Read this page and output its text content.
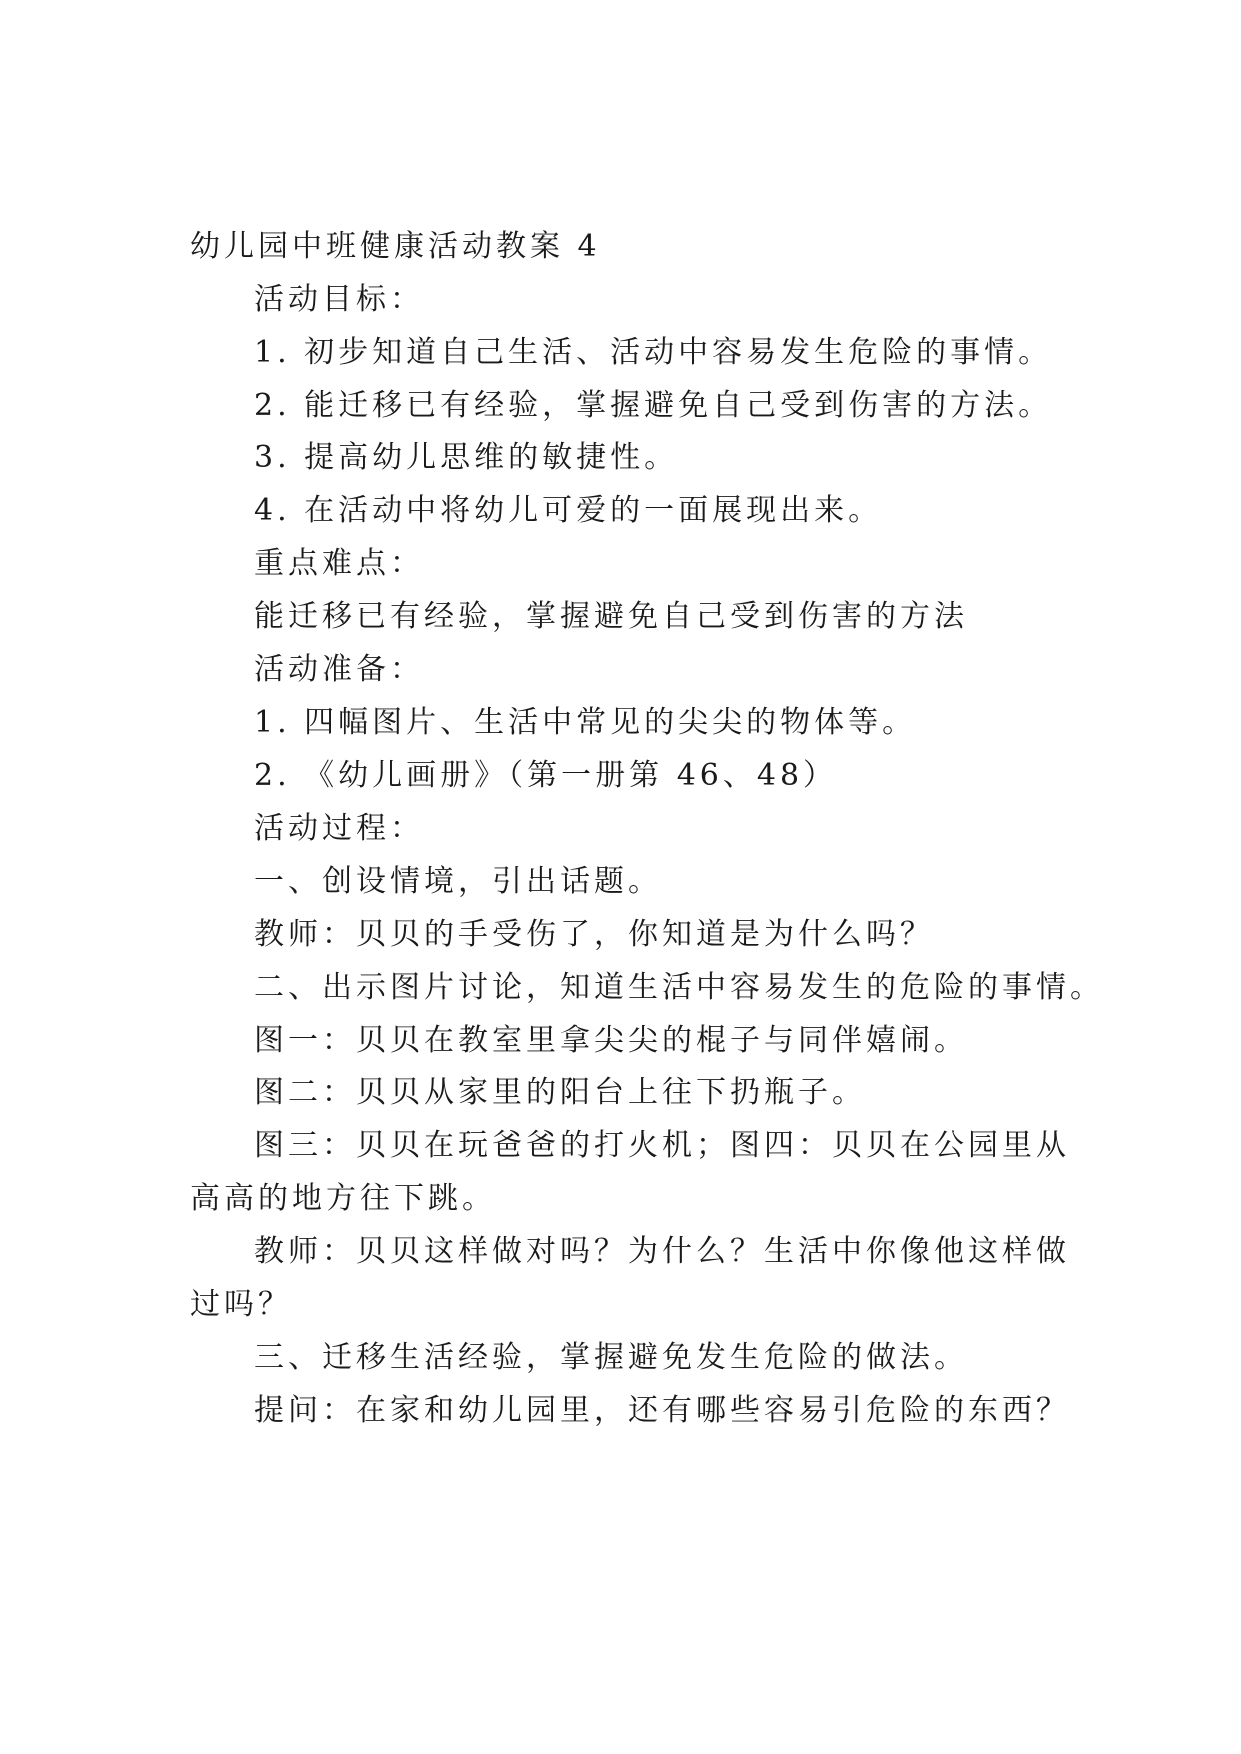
幼儿园中班健康活动教案 4
活动目标：
1. 初步知道自己生活、活动中容易发生危险的事情。
2. 能迁移已有经验，掌握避免自己受到伤害的方法。
3. 提高幼儿思维的敏捷性。
4. 在活动中将幼儿可爱的一面展现出来。
重点难点：
能迁移已有经验，掌握避免自己受到伤害的方法
活动准备：
1. 四幅图片、生活中常见的尖尖的物体等。
2. 《幼儿画册》（第一册第 46、48）
活动过程：
一、创设情境，引出话题。
教师：贝贝的手受伤了，你知道是为什么吗？
二、出示图片讨论，知道生活中容易发生的危险的事情。
图一：贝贝在教室里拿尖尖的棍子与同伴嬉闹。
图二：贝贝从家里的阳台上往下扔瓶子。
图三：贝贝在玩爸爸的打火机；图四：贝贝在公园里从
高高的地方往下跳。
教师：贝贝这样做对吗？为什么？生活中你像他这样做
过吗？
三、迁移生活经验，掌握避免发生危险的做法。
提问：在家和幼儿园里，还有哪些容易引危险的东西？
